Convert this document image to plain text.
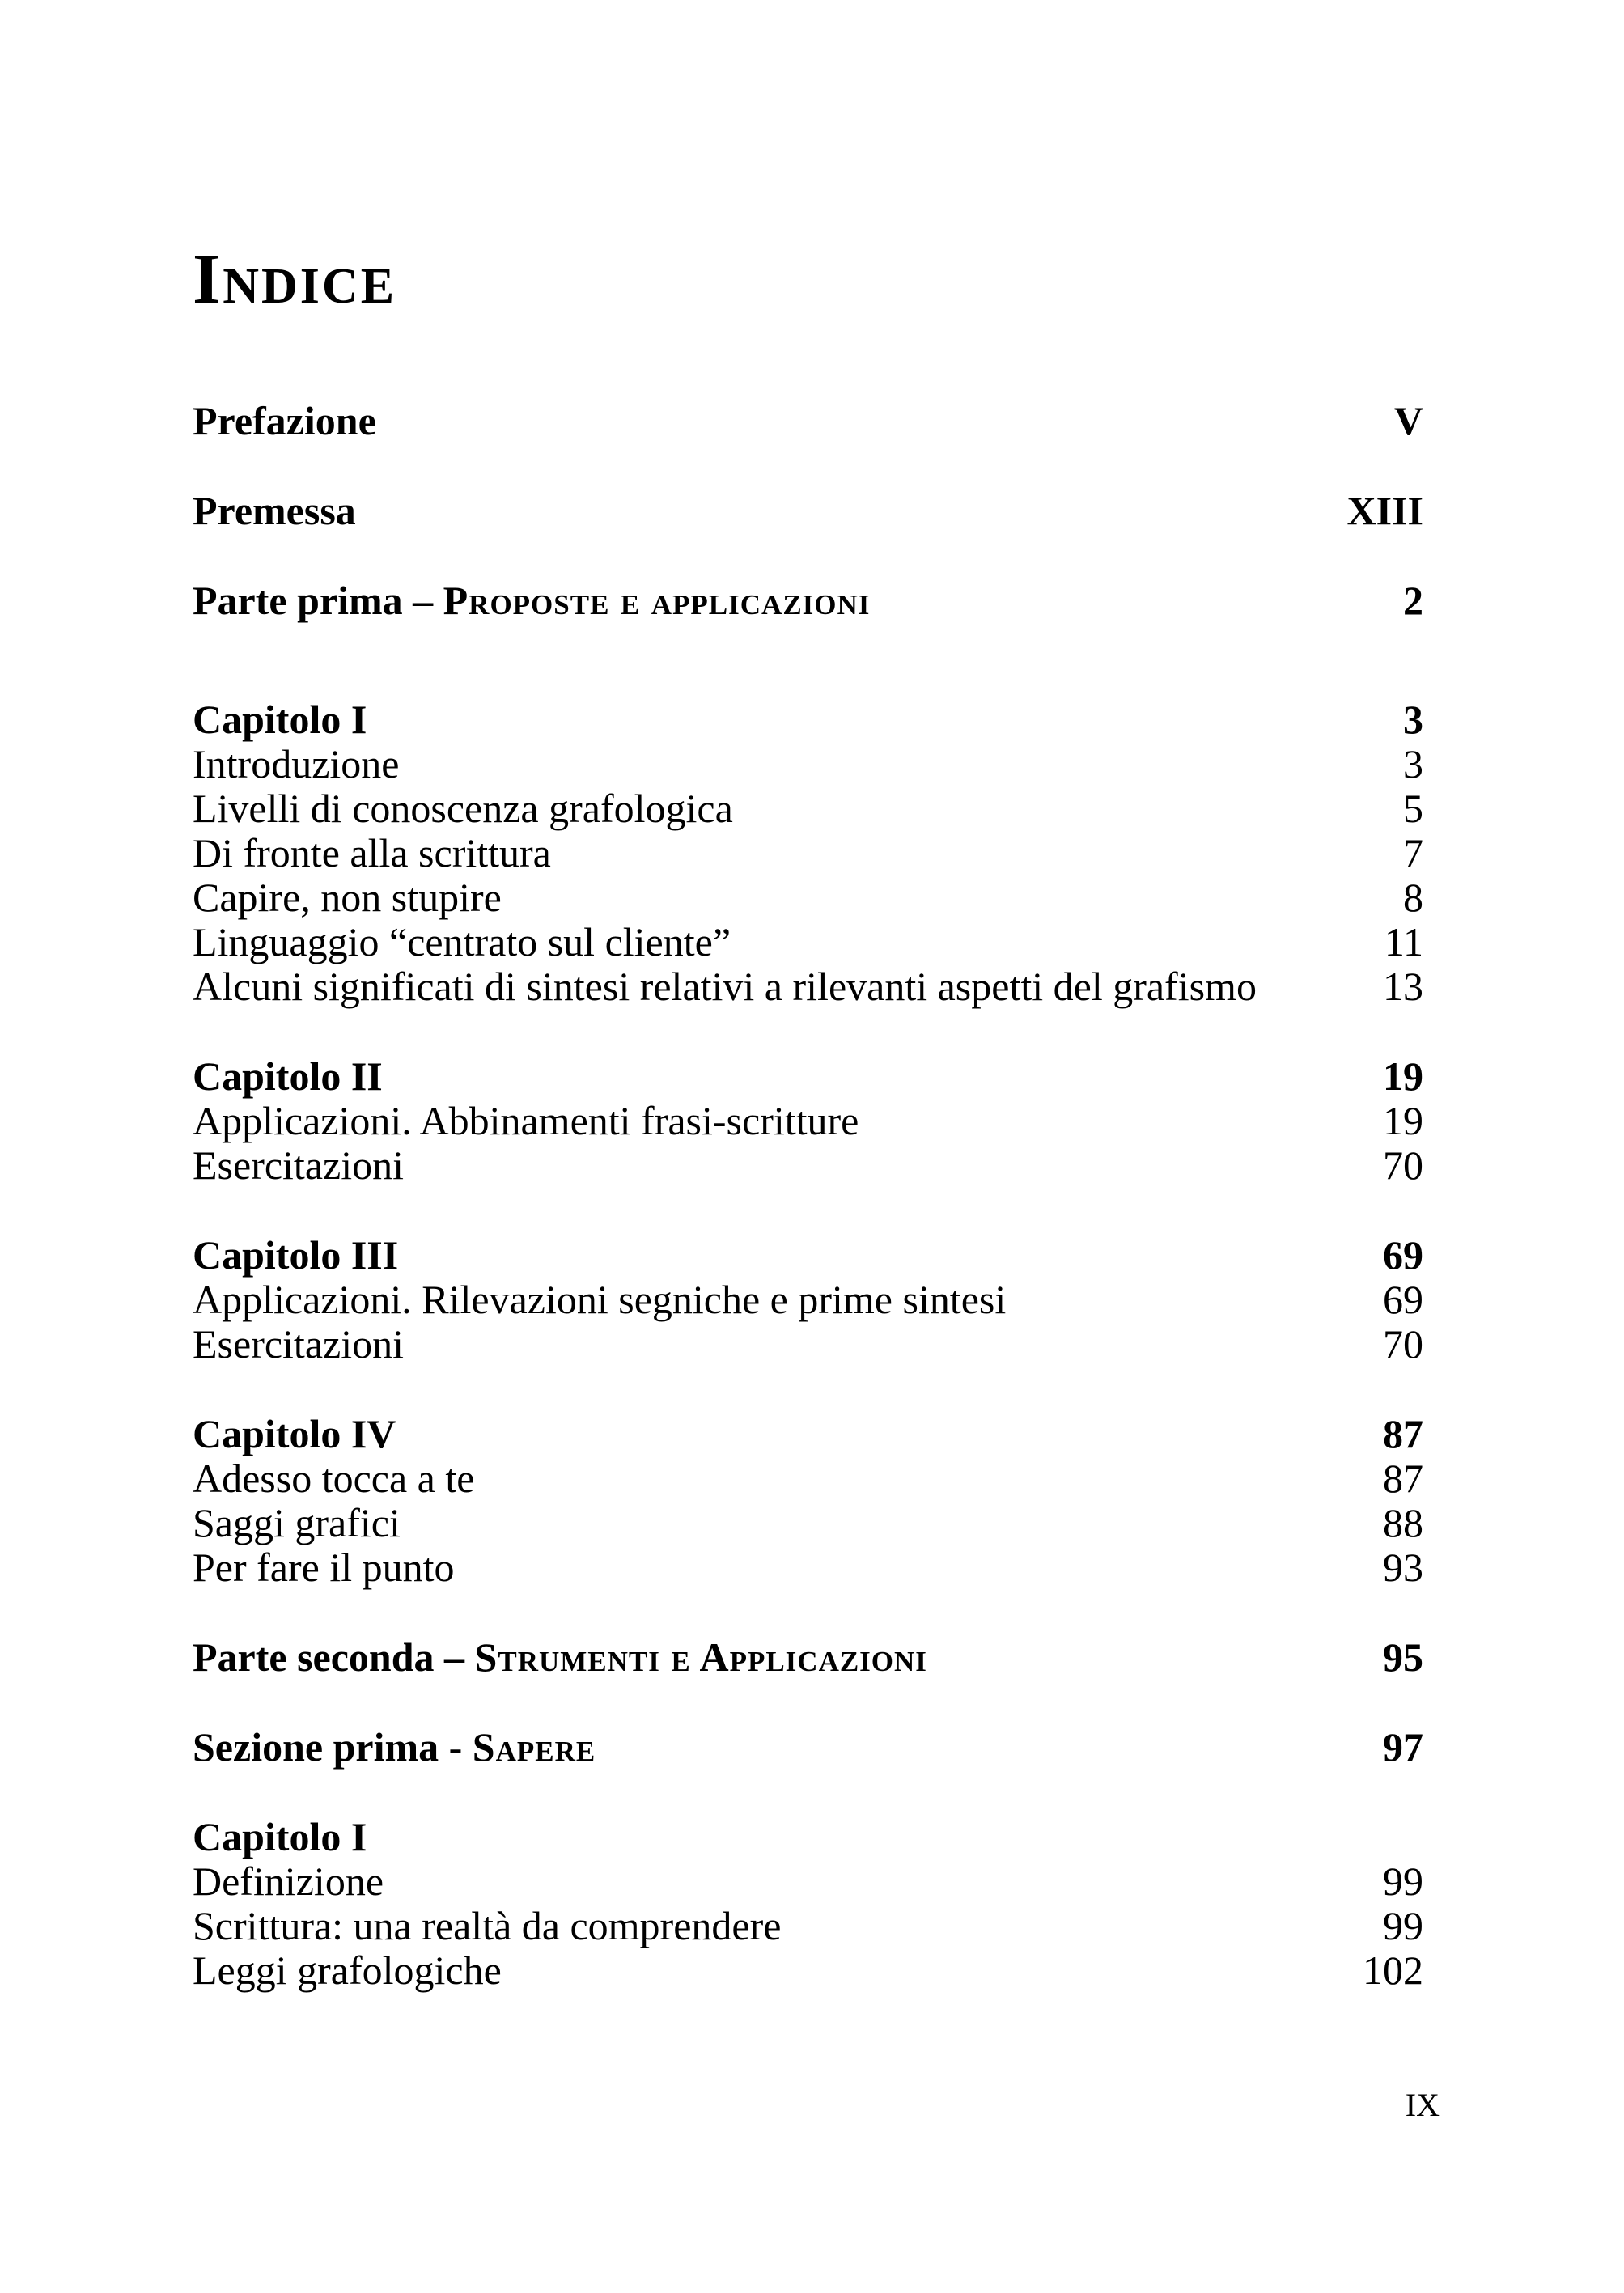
Indice
Prefazione	V
Premessa	XIII
Parte prima – Proposte e applicazioni	2
Capitolo I	3
Introduzione	3
Livelli di conoscenza grafologica	5
Di fronte alla scrittura	7
Capire, non stupire	8
Linguaggio “centrato sul cliente”	11
Alcuni significati di sintesi relativi a rilevanti aspetti del grafismo	13
Capitolo II	19
Applicazioni. Abbinamenti frasi-scritture	19
Esercitazioni	70
Capitolo III	69
Applicazioni. Rilevazioni segniche e prime sintesi	69
Esercitazioni	70
Capitolo IV	87
Adesso tocca a te	87
Saggi grafici	88
Per fare il punto	93
Parte seconda – Strumenti e Applicazioni	95
Sezione prima - Sapere	97
Capitolo I
Definizione	99
Scrittura: una realtà da comprendere	99
Leggi grafologiche	102
IX
